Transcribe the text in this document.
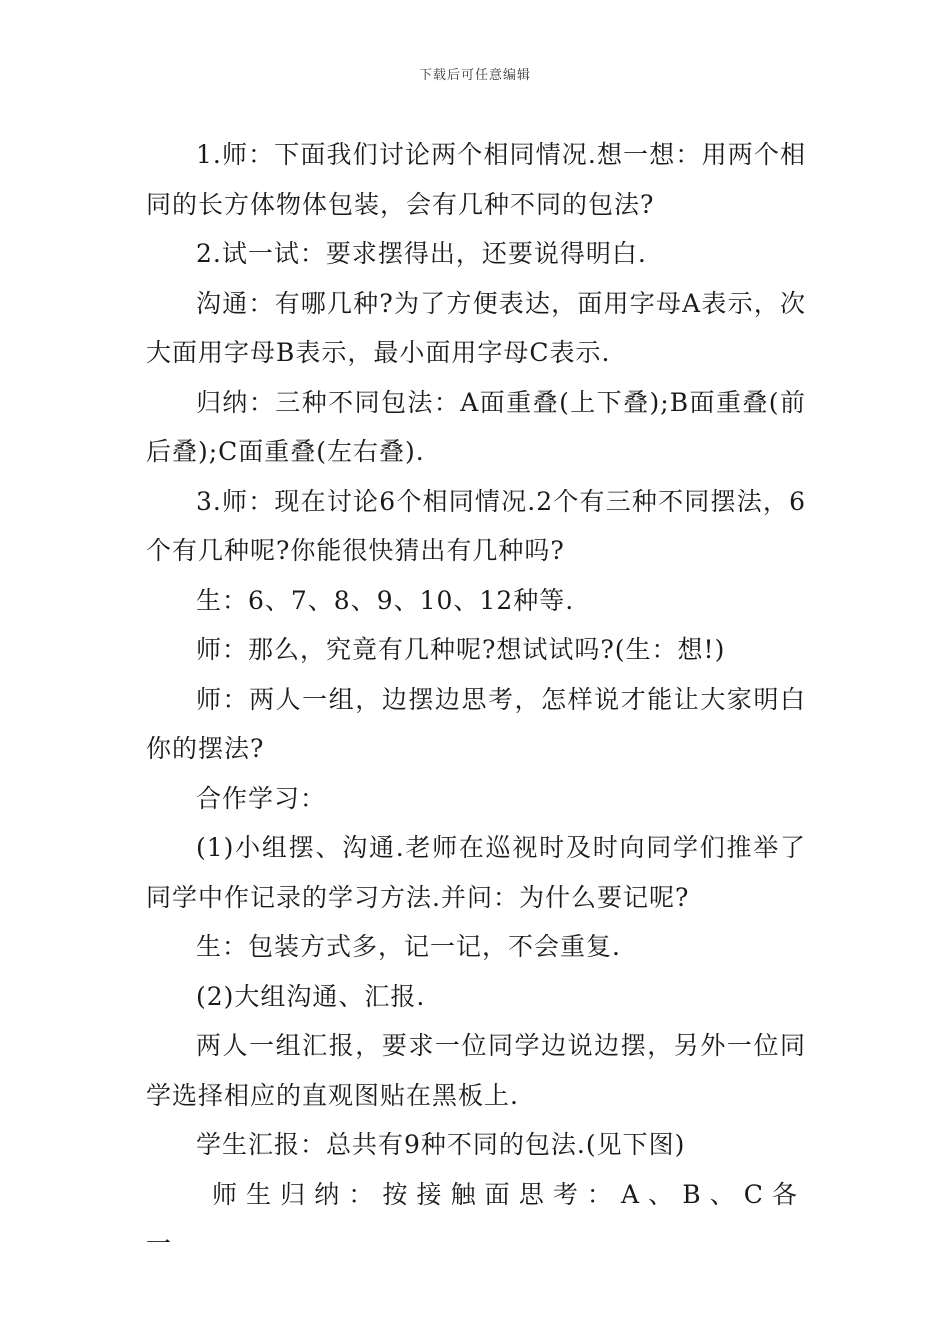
下载后可任意编辑

1.师：下面我们讨论两个相同情况.想一想：用两个相同的长方体物体包装，会有几种不同的包法?

2.试一试：要求摆得出，还要说得明白.

沟通：有哪几种?为了方便表达，面用字母A表示，次大面用字母B表示，最小面用字母C表示.

归纳：三种不同包法：A面重叠(上下叠);B面重叠(前后叠);C面重叠(左右叠).

3.师：现在讨论6个相同情况.2个有三种不同摆法，6个有几种呢?你能很快猜出有几种吗?

生：6、7、8、9、10、12种等.

师：那么，究竟有几种呢?想试试吗?(生：想!)

师：两人一组，边摆边思考，怎样说才能让大家明白你的摆法?

合作学习：

(1)小组摆、沟通.老师在巡视时及时向同学们推举了同学中作记录的学习方法.并问：为什么要记呢?

生：包装方式多，记一记，不会重复.

(2)大组沟通、汇报.

两人一组汇报，要求一位同学边说边摆，另外一位同学选择相应的直观图贴在黑板上.

学生汇报：总共有9种不同的包法.(见下图)

师生归纳：按接触面思考：A、B、C各一
